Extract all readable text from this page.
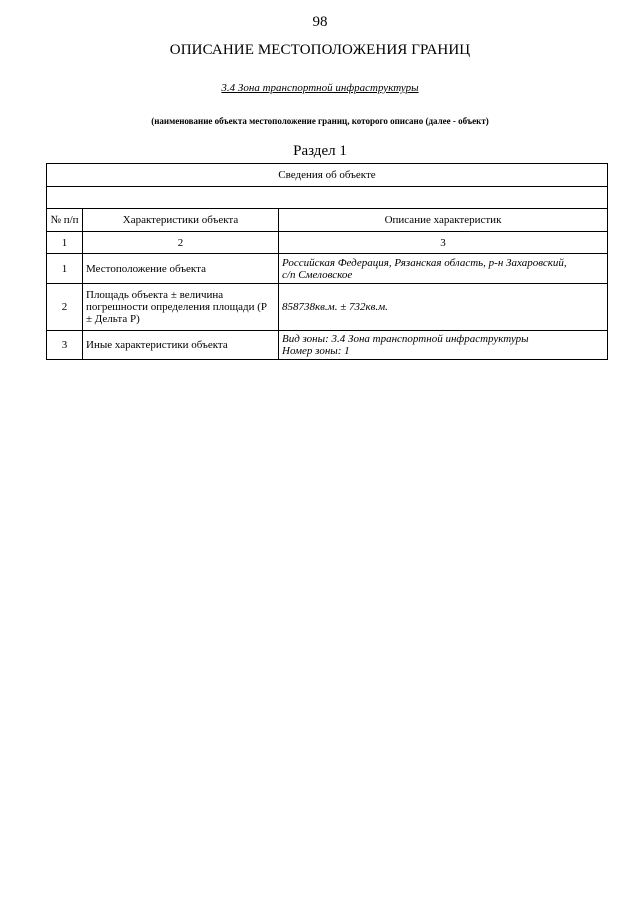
98
ОПИСАНИЕ МЕСТОПОЛОЖЕНИЯ ГРАНИЦ
3.4 Зона транспортной инфраструктуры
(наименование объекта местоположение границ, которого описано (далее - объект)
Раздел 1
Сведения об объекте		

№ п/п	Характеристики объекта	Описание характеристик
1	2	3
1	Местоположение объекта	Российская Федерация, Рязанская область, р-н Захаровский,
с/п Смеловское

2	Площадь объекта ± величина погрешности определения площади (Р ± Дельта Р)	858738кв.м. ± 732кв.м.

3	Иные характеристики объекта	Вид зоны: 3.4 Зона транспортной инфраструктуры
Номер зоны: 1
